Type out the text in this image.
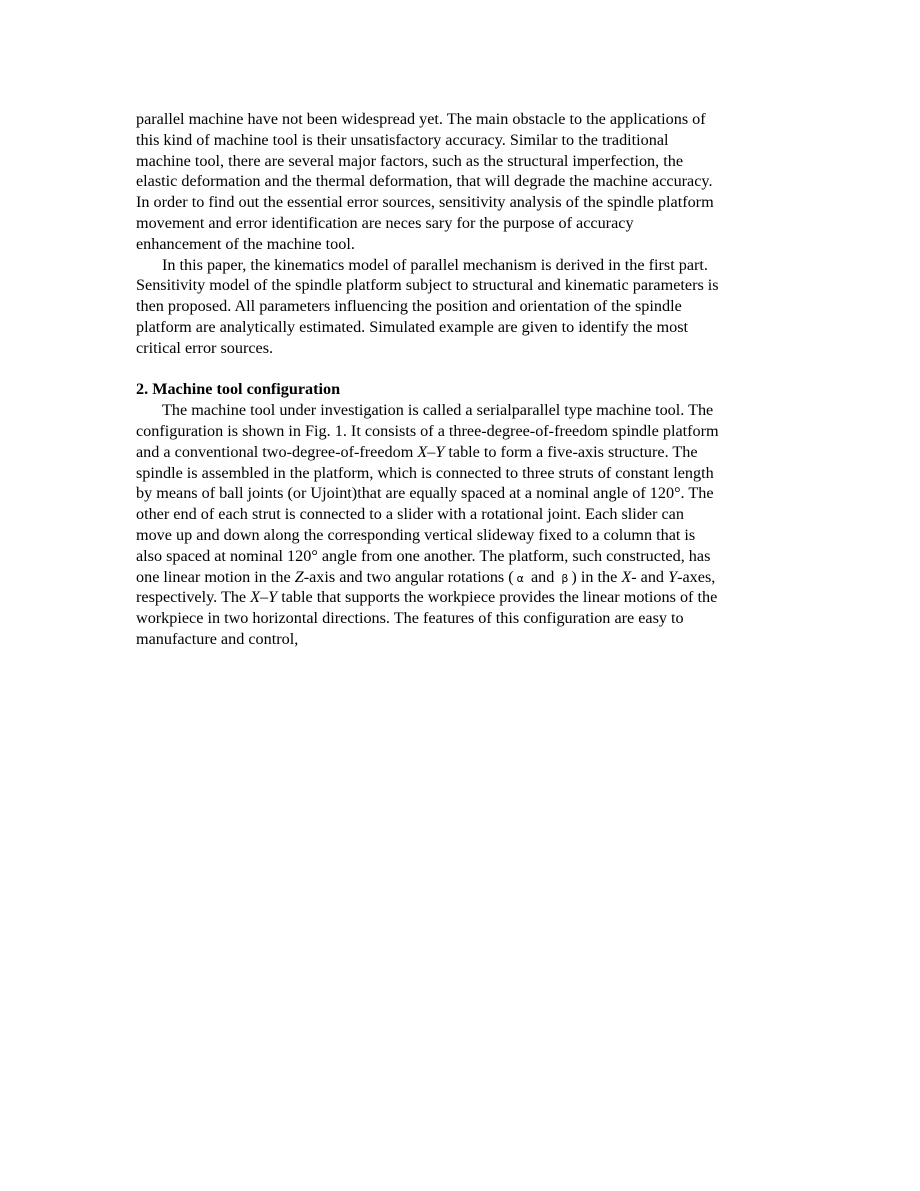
parallel machine have not been widespread yet. The main obstacle to the applications of
this kind of machine tool is their unsatisfactory accuracy. Similar to the traditional
machine tool, there are several major factors, such as the structural imperfection, the
elastic deformation and the thermal deformation, that will degrade the machine accuracy.
In order to find out the essential error sources, sensitivity analysis of the spindle platform
movement and error identification are neces sary for the purpose of accuracy
enhancement of the machine tool.
In this paper, the kinematics model of parallel mechanism is derived in the first part.
Sensitivity model of the spindle platform subject to structural and kinematic parameters is
then proposed. All parameters influencing the position and orientation of the spindle
platform are analytically estimated. Simulated example are given to identify the most
critical error sources.
2. Machine tool configuration
The machine tool under investigation is called a serialparallel type machine tool. The
configuration is shown in Fig. 1. It consists of a three-degree-of-freedom spindle platform
and a conventional two-degree-of-freedom X–Y table to form a five-axis structure. The
spindle is assembled in the platform, which is connected to three struts of constant length
by means of ball joints (or Ujoint)that are equally spaced at a nominal angle of 120°. The
other end of each strut is connected to a slider with a rotational joint. Each slider can
move up and down along the corresponding vertical slideway fixed to a column that is
also spaced at nominal 120° angle from one another. The platform, such constructed, has
one linear motion in the Z-axis and two angular rotations ( α and β ) in the X- and Y-axes,
respectively. The X–Y table that supports the workpiece provides the linear motions of the
workpiece in two horizontal directions. The features of this configuration are easy to
manufacture and control,
